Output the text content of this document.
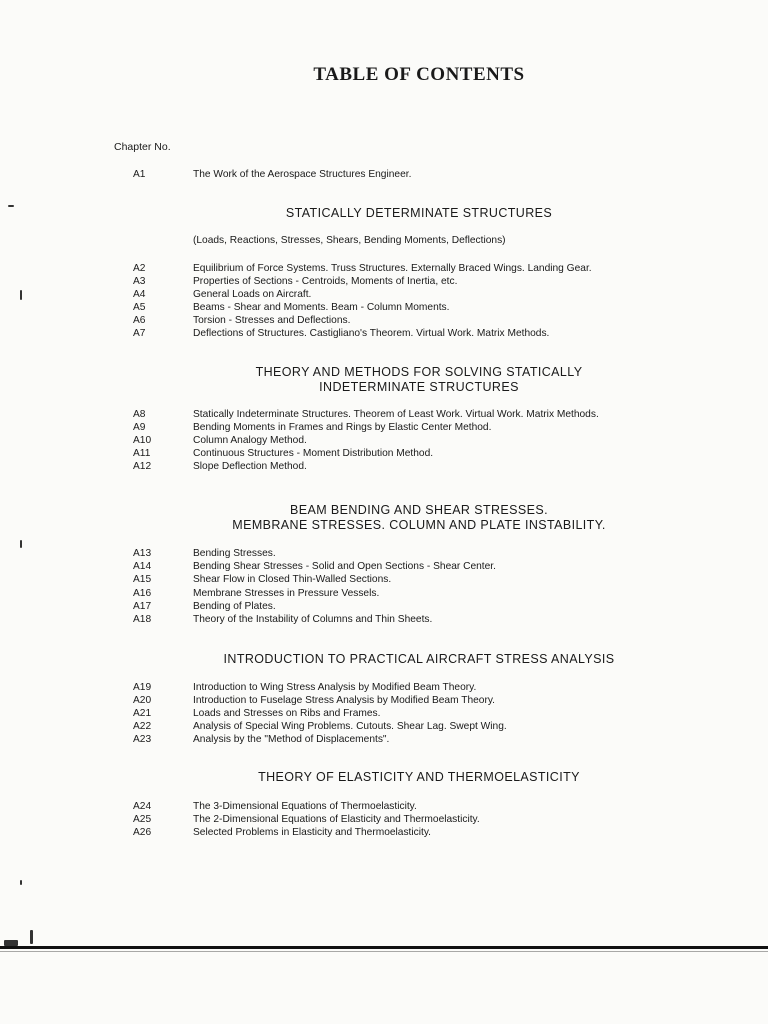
TABLE OF CONTENTS
Chapter No.
A1	The Work of the Aerospace Structures Engineer.
STATICALLY DETERMINATE STRUCTURES
(Loads, Reactions, Stresses, Shears, Bending Moments, Deflections)
A2	Equilibrium of Force Systems. Truss Structures. Externally Braced Wings. Landing Gear.
A3	Properties of Sections - Centroids, Moments of Inertia, etc.
A4	General Loads on Aircraft.
A5	Beams - Shear and Moments. Beam - Column Moments.
A6	Torsion - Stresses and Deflections.
A7	Deflections of Structures. Castigliano's Theorem. Virtual Work. Matrix Methods.
THEORY AND METHODS FOR SOLVING STATICALLY
INDETERMINATE STRUCTURES
A8	Statically Indeterminate Structures. Theorem of Least Work. Virtual Work. Matrix Methods.
A9	Bending Moments in Frames and Rings by Elastic Center Method.
A10	Column Analogy Method.
A11	Continuous Structures - Moment Distribution Method.
A12	Slope Deflection Method.
BEAM BENDING AND SHEAR STRESSES.
MEMBRANE STRESSES. COLUMN AND PLATE INSTABILITY.
A13	Bending Stresses.
A14	Bending Shear Stresses - Solid and Open Sections - Shear Center.
A15	Shear Flow in Closed Thin-Walled Sections.
A16	Membrane Stresses in Pressure Vessels.
A17	Bending of Plates.
A18	Theory of the Instability of Columns and Thin Sheets.
INTRODUCTION TO PRACTICAL AIRCRAFT STRESS ANALYSIS
A19	Introduction to Wing Stress Analysis by Modified Beam Theory.
A20	Introduction to Fuselage Stress Analysis by Modified Beam Theory.
A21	Loads and Stresses on Ribs and Frames.
A22	Analysis of Special Wing Problems. Cutouts. Shear Lag. Swept Wing.
A23	Analysis by the "Method of Displacements".
THEORY OF ELASTICITY AND THERMOELASTICITY
A24	The 3-Dimensional Equations of Thermoelasticity.
A25	The 2-Dimensional Equations of Elasticity and Thermoelasticity.
A26	Selected Problems in Elasticity and Thermoelasticity.
